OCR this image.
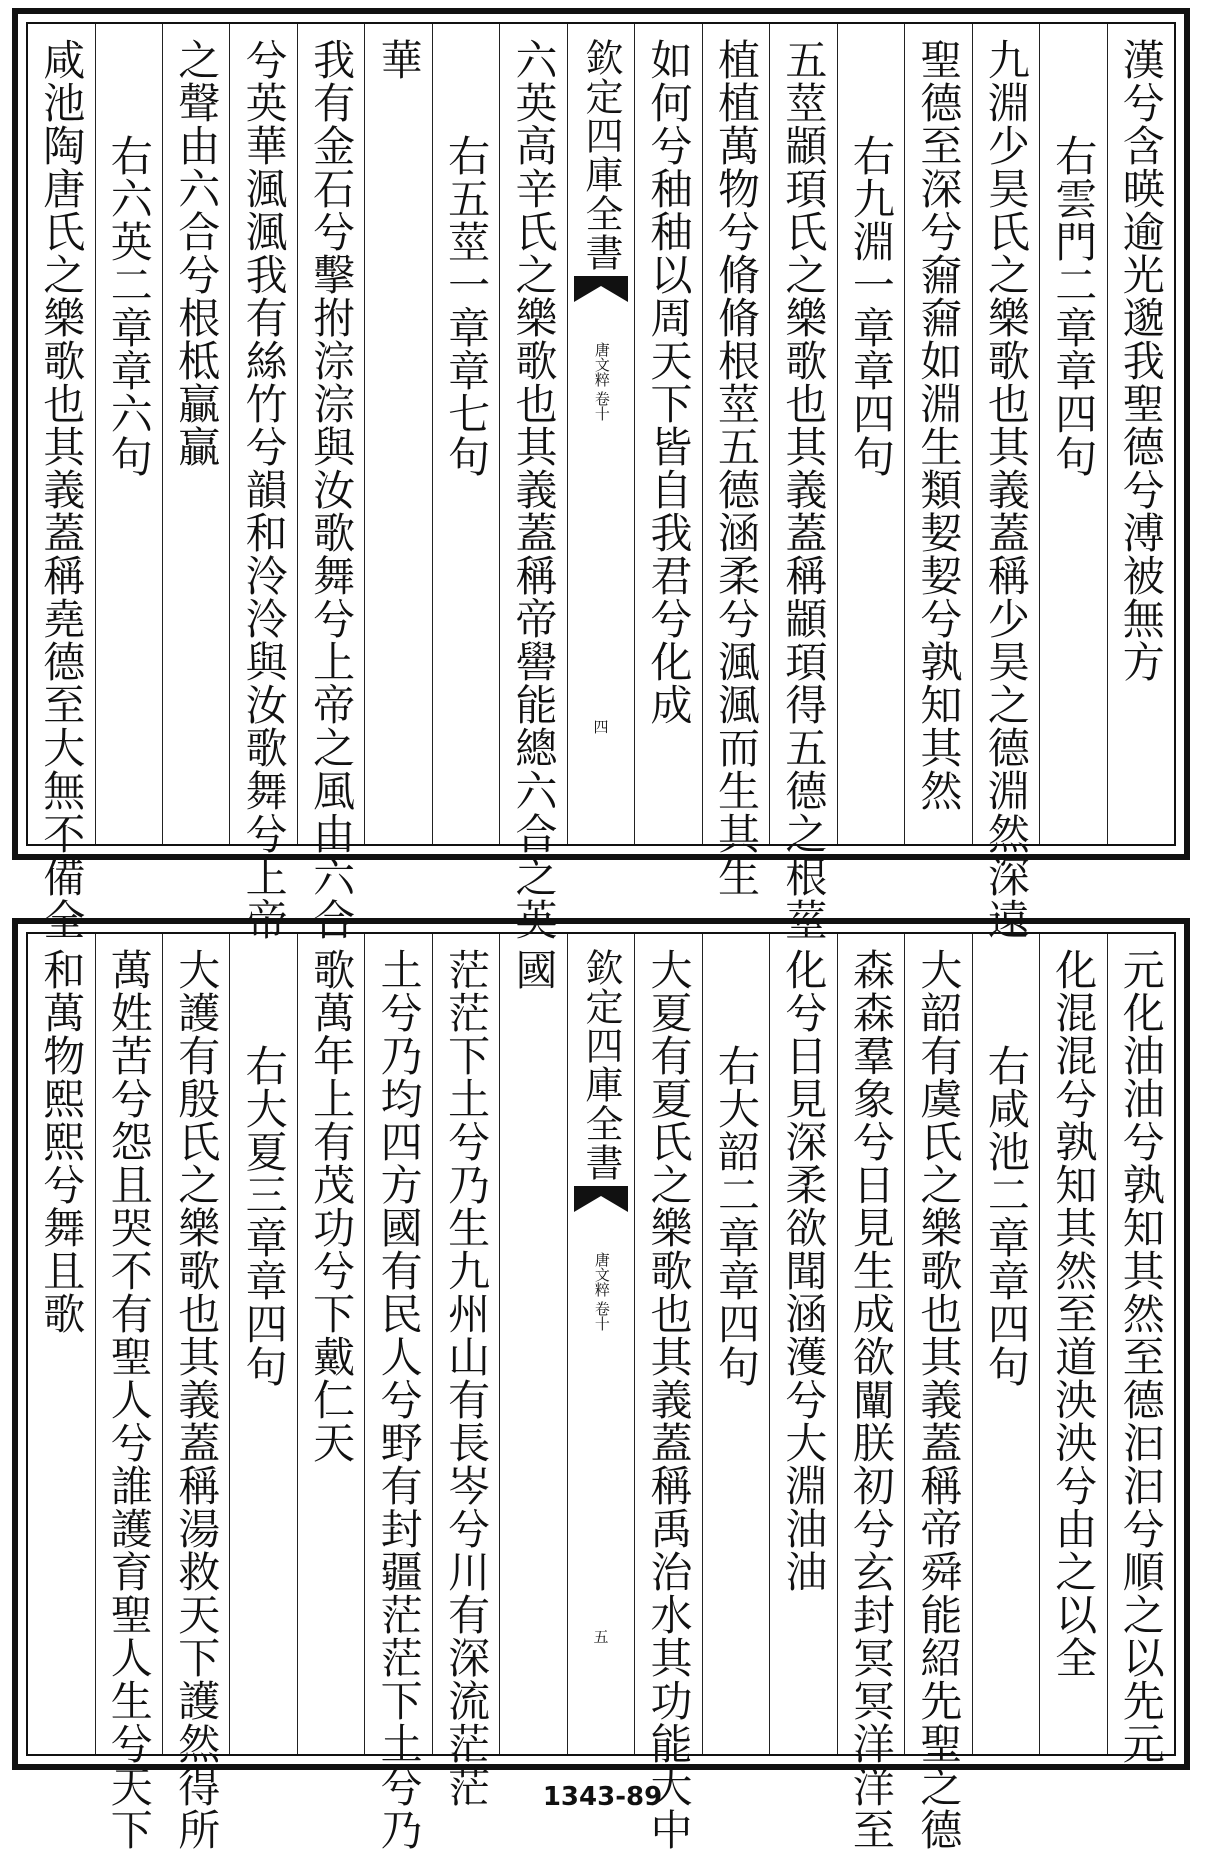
漢兮含暎逾光邈我聖德兮溥被無方
右雲門二章章四句
九淵少昊氏之樂歌也其義蓋稱少昊之德淵然深遠
聖德至深兮奫奫如淵生類㛃㛃兮孰知其然
右九淵一章章四句
五莖顓頊氏之樂歌也其義蓋稱顓頊得五德之根莖
植植萬物兮脩脩根莖五德涵柔兮渢渢而生其生
如何兮秞秞以周天下皆自我君兮化成
欽定四庫全書
唐文粹
卷十
四
六英高辛氏之樂歌也其義蓋稱帝嚳能總六合之英
右五莖一章章七句
華
我有金石兮擊拊淙淙與汝歌舞兮上帝之風由六合
兮英華渢渢我有絲竹兮韻和泠泠與汝歌舞兮上帝
之聲由六合兮根柢贏贏
右六英二章章六句
咸池陶唐氏之樂歌也其義蓋稱堯德至大無不備全
元化油油兮孰知其然至德汩汩兮順之以先元
化混混兮孰知其然至道泱泱兮由之以全
右咸池二章章四句
大韶有虞氏之樂歌也其義蓋稱帝舜能紹先聖之德
森森羣象兮日見生成欲闡朕初兮玄封冥冥洋洋至
化兮日見深柔欲聞涵濩兮大淵油油
右大韶二章章四句
大夏有夏氏之樂歌也其義蓋稱禹治水其功能大中
欽定四庫全書
唐文粹
卷十
五
國
茫茫下土兮乃生九州山有長岑兮川有深流茫茫
土兮乃均四方國有民人兮野有封疆茫茫下土兮乃
歌萬年上有茂功兮下戴仁天
右大夏三章章四句
大護有殷氏之樂歌也其義蓋稱湯救天下護然得所
萬姓苦兮怨且哭不有聖人兮誰護育聖人生兮天下
和萬物熙熙兮舞且歌
1343-89
